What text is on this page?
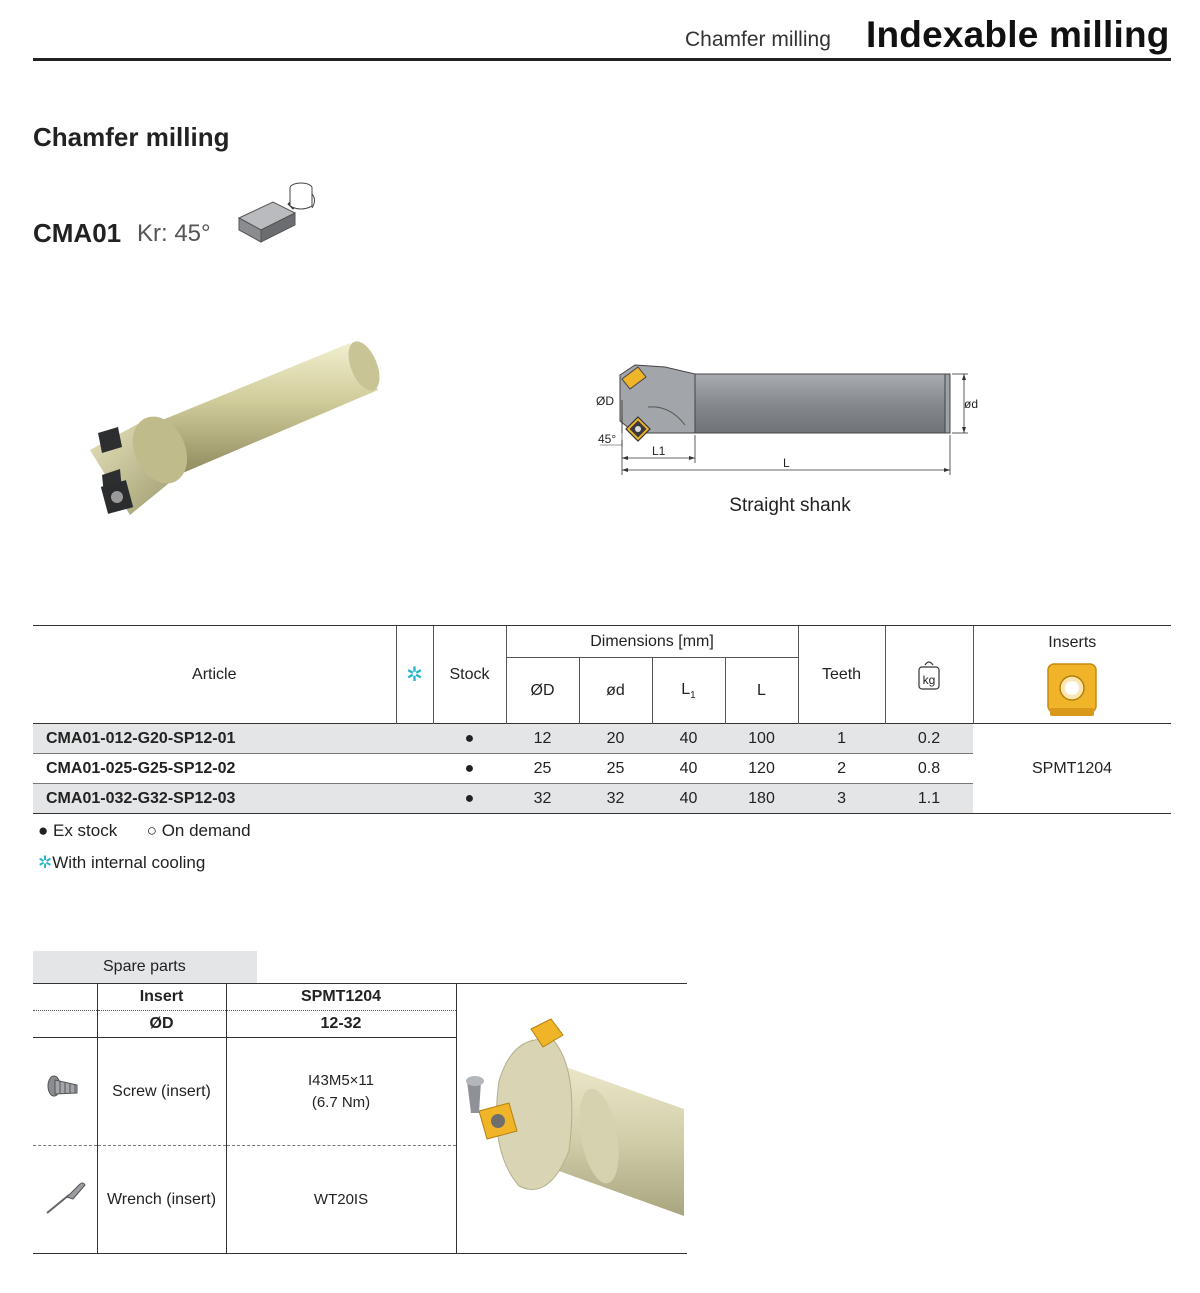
Chamfer milling Indexable milling
Chamfer milling
CMA01 Kr: 45°
ØD
45°
L1
L
ød
Straight shank
Article	✲	Stock	Dimensions [mm]				Teeth	kg	Inserts

			ØD	ød	$L_1$	L			
CMA01-012-G20-SP12-01		●	12	20	40	100	1	0.2	SPMT1204
CMA01-025-G25-SP12-02		●	25	25	40	120	2	0.8	
CMA01-032-G32-SP12-03		●	32	32	40	180	3	1.1	
● Ex stock ○ On demand
✲With internal cooling
Spare parts
	Insert	SPMT1204	
	ØD	12-32	
	Screw (insert)	I43M5×11
(6.7 Nm)	

	Wrench (insert)	WT20IS	
